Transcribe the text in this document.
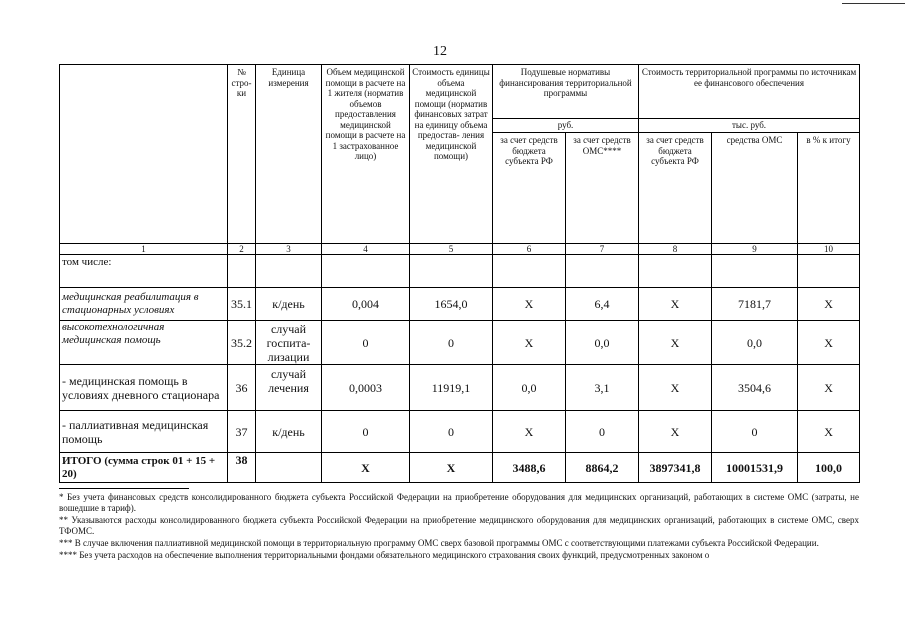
12
	№ стро- ки	Единица измерения	Объем медицинской помощи в расчете на 1 жителя (норматив объемов предоставления медицинской помощи в расчете на 1 застрахованное лицо)	Стоимость единицы объема медицинской помощи (норматив финансовых затрат на единицу объема предостав- ления медицинской помощи)	Подушевые нормативы финансирования территориальной программы		Стоимость территориальной программы по источникам ее финансового обеспечения		
					руб.		тыс. руб.		
					за счет средств бюджета субъекта РФ	за счет средств ОМС****	за счет средств бюджета субъекта РФ	средства ОМС	в % к итогу
1	2	3	4	5	6	7	8	9	10
том числе:									
медицинская реабилитация в стационарных условиях	35.1	к/день	0,004	1654,0	Х	6,4	Х	7181,7	Х
высокотехнологичная медицинская помощь	35.2	случай госпита- лизации	0	0	Х	0,0	Х	0,0	Х
- медицинская помощь в условиях дневного стационара	36	случай лечения	0,0003	11919,1	0,0	3,1	Х	3504,6	Х
- паллиативная медицинская помощь	37	к/день	0	0	Х	0	Х	0	Х
ИТОГО (сумма строк 01 + 15 + 20)	38		Х	Х	3488,6	8864,2	3897341,8	10001531,9	100,0

* Без учета финансовых средств консолидированного бюджета субъекта Российской Федерации на приобретение оборудования для медицинских организаций, работающих в системе ОМС (затраты, не вошедшие в тариф).

** Указываются расходы консолидированного бюджета субъекта Российской Федерации на приобретение медицинского оборудования для медицинских организаций, работающих в системе ОМС, сверх ТФОМС.

*** В случае включения паллиативной медицинской помощи в территориальную программу ОМС сверх базовой программы ОМС с соответствующими платежами субъекта Российской Федерации.

**** Без учета расходов на обеспечение выполнения территориальными фондами обязательного медицинского страхования своих функций, предусмотренных законом о
